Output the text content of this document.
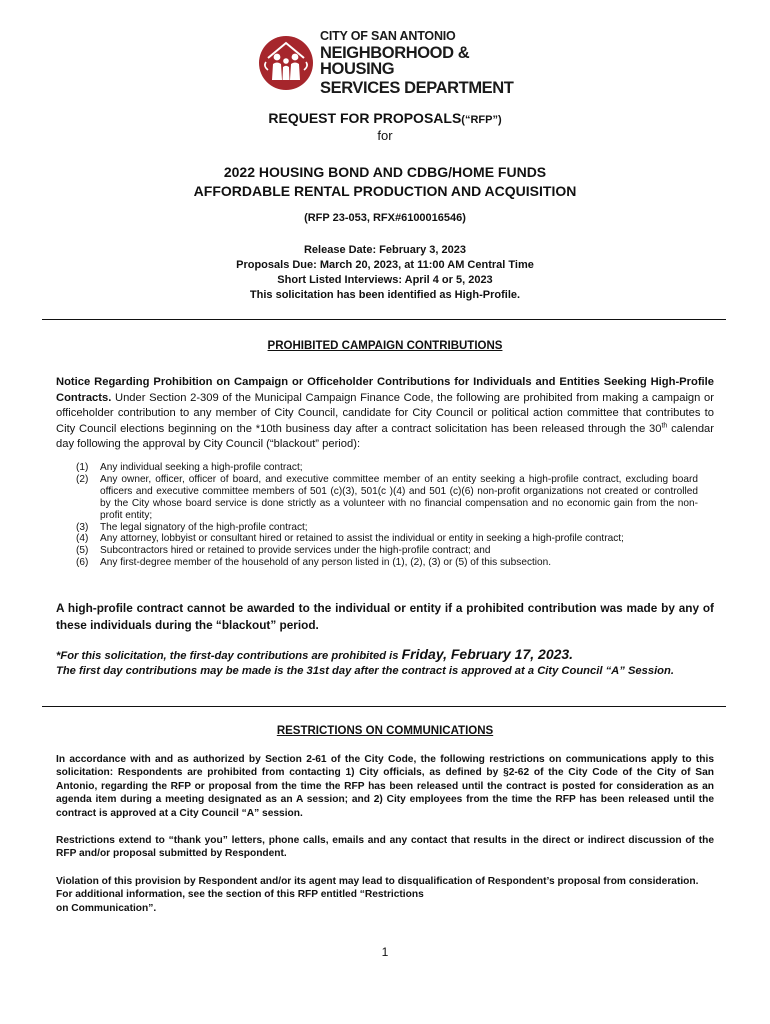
CITY OF SAN ANTONIO
NEIGHBORHOOD & HOUSING
SERVICES DEPARTMENT
REQUEST FOR PROPOSALS(“RFP”)
for
2022 HOUSING BOND AND CDBG/HOME FUNDS
AFFORDABLE RENTAL PRODUCTION AND ACQUISITION
(RFP 23-053, RFX#6100016546)
Release Date: February 3, 2023
Proposals Due: March 20, 2023, at 11:00 AM Central Time
Short Listed Interviews: April 4 or 5, 2023
This solicitation has been identified as High-Profile.
PROHIBITED CAMPAIGN CONTRIBUTIONS
Notice Regarding Prohibition on Campaign or Officeholder Contributions for Individuals and Entities Seeking High-Profile Contracts. Under Section 2-309 of the Municipal Campaign Finance Code, the following are prohibited from making a campaign or officeholder contribution to any member of City Council, candidate for City Council or political action committee that contributes to City Council elections beginning on the *10th business day after a contract solicitation has been released through the 30th calendar day following the approval by City Council (“blackout” period):
(1) Any individual seeking a high-profile contract;
(2) Any owner, officer, officer of board, and executive committee member of an entity seeking a high-profile contract, excluding board officers and executive committee members of 501 (c)(3), 501(c )(4) and 501 (c)(6) non-profit organizations not created or controlled by the City whose board service is done strictly as a volunteer with no financial compensation and no economic gain from the non-profit entity;
(3) The legal signatory of the high-profile contract;
(4) Any attorney, lobbyist or consultant hired or retained to assist the individual or entity in seeking a high-profile contract;
(5) Subcontractors hired or retained to provide services under the high-profile contract; and
(6) Any first-degree member of the household of any person listed in (1), (2), (3) or (5) of this subsection.
A high-profile contract cannot be awarded to the individual or entity if a prohibited contribution was made by any of these individuals during the “blackout” period.
*For this solicitation, the first-day contributions are prohibited is Friday, February 17, 2023.
The first day contributions may be made is the 31st day after the contract is approved at a City Council “A” Session.
RESTRICTIONS ON COMMUNICATIONS
In accordance with and as authorized by Section 2-61 of the City Code, the following restrictions on communications apply to this solicitation: Respondents are prohibited from contacting 1) City officials, as defined by §2-62 of the City Code of the City of San Antonio, regarding the RFP or proposal from the time the RFP has been released until the contract is posted for consideration as an agenda item during a meeting designated as an A session; and 2) City employees from the time the RFP has been released until the contract is approved at a City Council “A” session.
Restrictions extend to “thank you” letters, phone calls, emails and any contact that results in the direct or indirect discussion of the RFP and/or proposal submitted by Respondent.
Violation of this provision by Respondent and/or its agent may lead to disqualification of Respondent’s proposal from consideration. For additional information, see the section of this RFP entitled “Restrictions
on Communication”.
1
